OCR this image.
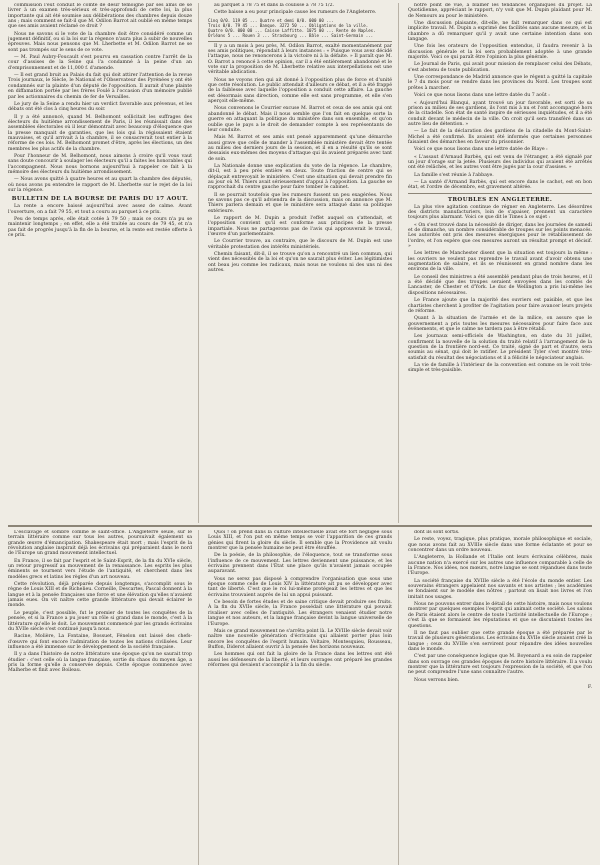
commission l'eut conduit le comte de desir temoigne par ses amis de se livrer à un examen très-sérieux et très-approfondi de cette loi, la plus importante qui ait été soumise aux délibérations des chambres depuis douze ans ; mais comment se fait-il que M. Odilon Barrot ait oublié en même temps que ses amis avaient réclamé ce droit ?

Nous ne savons si le vote de la chambre doit être considéré comme un jugement définitif, ou si la loi sur la régence n'aura plus à subir de nouvelles épreuves. Mais nous pensons que M. Lherbette et M. Odilon Barrot ne se sont pas trompés sur le sens de ce vote.

— M. Paul Aubry-Foucault s'est pourvu en cassation contre l'arrêt de la cour d'assises de la Seine qui l'a condamné à la peine d'un an d'emprisonnement et de 11,000 f. d'amende.

— Il est grand bruit au Palais du fait qui doit attirer l'attention de la revue Trois journaux, le Siècle, le National et l'Observateur des Pyrénées y ont été condamnés sur la plainte d'un député de l'opposition. Il aurait d'une plainte en diffamation portée par les frères Foulé à l'occasion d'un mémoire publié par les actionnaires du chemin de fer de Versailles.

Le jury de la Seine a rendu hier un verdict favorable aux prévenus, et les débats ont été clos à cinq heures du soir.

Il y a été annoncé, quand M. Belhomont sollicitait les suffrages des électeurs du huitième arrondissement de Paris, il les réunissait dans des assemblées électorales où il leur démontrait avec beaucoup d'éloquence que la presse manquait de garanties, que les lois qui la régissaient étaient mauvaises, et qu'il arrivait à la chambre, il se consacrerait tout entier à la réforme de ces lois. M. Belhomont promet d'être, après les élections, un des membres les plus actifs de la chambre.

Pour l'honneur de M. Belhomont, nous aimons à croire qu'il vous vaut sans doute concourir à soulager les électeurs qu'il a faites les honorables qui l'accompagnent. Nous nous bornons aujourd'hui à rappeler ce fait à la mémoire des électeurs du huitième arrondissement.

— Nous avons quitté à quatre heures et au quart la chambre des députés, où nous avons pu entendre le rapport de M. Lherbette sur le rejet de la loi sur la régence.

BULLETIN DE LA BOURSE DE PARIS DU 17 AOUT.

La rente a encore baissé aujourd'hui avec assez de calme. Avant l'ouverture, on a fait 79 55, et tout a couru au parquet à ce prix.

Peu de temps après, elle était cotée à 79 50 ; mais ce cours n'a pu se maintenir longtemps ; en effet, elle a été traitée au cours de 79 45, et n'a pas fait de progrès jusqu'à la fin de la bourse, et la rente est restée offerte à ce prix.

au parquet à 78 75 et dans la coulisse à 78 75 1/2.

Cette baisse a eu pour principale cause les rumeurs de l'Angleterre.

Cinq 0/0. 119 05 ... Quatre et demi 0/0. 000 00 ...
Trois 0/0. 79 45 ... Banque. 3272 50 ... Obligations de la ville.
Quatre 0/0. 000 00 ... Caisse Laffitte. 1075 00 ... Rente de Naples.
Orléans 5 ... Rouen 3 ... Strasbourg ... Bâle ... Saint-Germain ...

Il y a un mois à peu près, M. Odilon Barrot, exalté momentanément par ses amis politiques, répondait à leurs instances : « Puisque vous avez décidé l'attaque, nous ne renoncerons à la victoire ni à la défaite. » Il paraît que M. O. Barrot a renoncé à cette opinion, car il a été entièrement abandonné et le vote sur la proposition de M. Lherbette relative aux interpellations est une véritable abdication.

Nous ne voyons rien qui ait donné à l'opposition plus de force et d'unité que cette résolution. Le public attendait d'ailleurs ce débat, et il a été frappé de la faiblesse avec laquelle l'opposition a conduit cette affaire. La gauche est désormais sans direction, comme elle est sans programme, et elle s'en aperçoit elle-même.

Nous convenons le Courrier excuse M. Barrot et ceux de ses amis qui ont abandonné le débat. Mais il nous semble que l'on fait en quelque sorte la guerre en attaquant la politique du ministère dans son ensemble, et qu'on oublie que le pays a le droit de demander compte à ses représentants de leur conduite.

Mais M. Barrot et ses amis ont pensé apparemment qu'une démarche aussi grave que celle de mander à l'assemblée ministère devait être tentée au milieu des derniers jours de la session, et il en a résulté qu'ils se sont dessaisis eux-mêmes des moyens d'attaque qui ils avaient préparés avec tant de soin.

La Nationale donne une explication du vote de la régence. Le chambre, dit-il, est à peu près entière en deux. Toute fraction de centre qui se déplaçait entrevoyait le ministère. C'est une situation qui devait prendre fin au jour où M. Thiers avait sérieusement d'appui à l'opposition. La gauche se rapprochait du centre gauche pour faire tomber le cabinet.

Il se pourrait toutefois que les rumeurs fussent un peu exagérées. Nous ne savons pas ce qu'il adviendra de la discussion, mais on annonce que M. Thiers parlera demain et que le ministère sera attaqué dans sa politique extérieure.

Le rapport de M. Dupin a produit l'effet auquel on s'attendait, et l'opposition convient qu'il est conforme aux principes de la presse impartiale. Nous ne partagerons pas de l'avis qui approuverait le travail, l'œuvre d'un parlementaire.

Le Courrier trouve, au contraire, que le discours de M. Dupin est une véritable protestation des intérêts ministériels.

Chemin faisant, dit-il, il se trouve qu'on a rencontré un lien commun, qui vient des nécessités de la loi et qu'on ne saurait plus éviter. Les légitimistes ont beau jeu comme les radicaux, mais nous ne voulons ni des uns ni des autres.

notre point de vue, à blâmer les tendances organiques du projet. La Quotidienne, appréciant le rapport, n'y voit que M. Dupin plaidant pour M. de Nemours au pour le ministère.

Une discussion plaisante, dit-elle, ne fait remarquer dans ce qui est implicite travail. M. Dupin a exprimé des facilités sans aucune mesure, et la chambre a dû remarquer qu'il y avait une certaine intention dans son langage.

Une fois les orateurs de l'opposition entendus, il faudra revenir à la discussion générale et la loi sera probablement adoptée à une grande majorité. Voici ce qui paraît être l'opinion la plus générale.

Le Journal de Paris, qui avait pour mission de remplacer celui des Débats, s'est abstenu de toute publication.

Une correspondance de Madrid annonce que le régent a quitté la capitale le 7 du mois pour se rendre dans les provinces du Nord. Les troupes sont prêtes à marcher.

Voici ce que nous lisons dans une lettre datée du 7 août :

« Aujourd'hui Blanqui, ayant trouvé un jour favorable, est sorti de sa prison au milieu de ses gardiens, ils l'ont mis à nu et l'ont accompagné hors de la citadelle. Son état de santé inspire de sérieuses inquiétudes, et il a été conduit devant le médecin de la ville. On croit qu'il sera transféré dans un autre lieu de détention. »

— Le fait de la déclaration des gardiens de la citadelle du Mont-Saint-Michel a été confirmé. Ils avaient été informés que certaines personnes faisaient des démarches en faveur du prisonnier.

Voici ce que nous lisons dans une lettre datée de Blaye :

« L'assaut d'Arnaud Barbès, qui est venu de l'étranger, a été signalé par un jour d'orage sur la jetée. Plusieurs des individus qui avaient été arrêtés ont été relâchés, et les autres vont être jugés par la cour d'assises. »

La famille s'est réunie à l'abbaye.

— La santé d'Armand Barbès, qui est encore dans le cachot, est en bon état, et l'ordre de décembre, est gravement altérée.

TROUBLES EN ANGLETERRE.

La plus vive agitation continue de régner en Angleterre. Les désordres des districts manufacturiers, loin de s'apaiser, prennent un caractère toujours plus alarmant. Voici ce que dit le Times à ce sujet :

« On s'est trouvé dans la nécessité de diriger, dans les journées de samedi et de dimanche, un nombre considérable de troupes sur les points menacés. Les autorités ont pris des mesures énergiques pour le rétablissement de l'ordre, et l'on espère que ces mesures auront un résultat prompt et décisif. »

Les lettres de Manchester disent que la situation est toujours la même : les ouvriers ne veulent pas reprendre le travail avant d'avoir obtenu une augmentation de salaire, et ils se réunissent en grand nombre dans les environs de la ville.

Le conseil des ministres a été assemblé pendant plus de trois heures, et il a été décidé que des troupes seraient envoyées dans les comtés de Lancaster, de Chester et d'York. Le duc de Wellington a pris lui-même les dispositions nécessaires.

Le France ajoute que la majorité des ouvriers est paisible, et que les chartistes cherchent à profiter de l'agitation pour faire avancer leurs projets de réforme.

Quant à la situation de l'armée et de la milice, on assure que le gouvernement a pris toutes les mesures nécessaires pour faire face aux événements, et que le calme ne tardera pas à être rétabli.

Les journaux semi-officiels de Washington, en date du 31 juillet, confirment la nouvelle de la solution du traité relatif à l'arrangement de la question de la frontière nord-est. Ce traité, signé de part et d'autre, sera soumis au sénat, qui doit le ratifier. Le président Tyler s'est montré très-satisfait du résultat des négociations et il a félicité le négociateur anglais.

La vie de famille à l'intérieur de la convention est comme on le voit très-simple et très-paisible.

L'esclavage et sombre comme le saint-office. L'Angleterre seule, sur le terrain littéraire comme sur tous les autres, poursuivait également sa grande œuvre d'émancipation. Shakespeare était mort ; mais l'esprit de la révolution anglaise inspirait déjà les écrivains qui préparaient dans le nord de l'Europe un grand mouvement intellectuel.

En France, il se fait par l'esprit et le Saint-Esprit, de la fin du XVIe siècle, un retour progressif au mouvement de la renaissance. Les esprits les plus éminents se tournent vers l'étude de l'antiquité, et cherchent dans les modèles grecs et latins les règles d'un art nouveau.

Cette révolution, déjà préparée depuis longtemps, s'accomplit sous le règne de Louis XIII et de Richelieu. Corneille, Descartes, Pascal donnent à la langue et à la pensée françaises une force et une élévation qu'elles n'avaient jamais eues. On vit naître cette grande littérature qui devait éclairer le monde.

Le peuple, c'est possible, fut le premier de toutes les conquêtes de la pensée, et si la France a pu jouer un rôle si grand dans le monde, c'est à la littérature qu'elle le doit. Le mouvement commencé par les grands écrivains du XVIIe siècle s'est continué jusqu'à nous.

Racine, Molière, La Fontaine, Bossuet, Fénelon ont laissé des chefs-d'œuvre qui font encore l'admiration de toutes les nations civilisées. Leur influence a été immense sur le développement de la société française.

Il y a dans l'histoire de notre littérature une époque qu'on ne saurait trop étudier : c'est celle où la langue française, sortie du chaos du moyen âge, a pris la forme qu'elle a conservée depuis. Cette époque commence avec Malherbe et finit avec Boileau.

Quoi ! on prend dans la culture intellectuelle avait été fort négligée sous Louis XIII, et l'on put en même temps se voir l'apparition de ces grands génies qui firent la gloire du siècle. Il semble que la Providence ait voulu montrer que la pensée humaine ne peut être étouffée.

De la poésie, de la philosophie, de l'éloquence, tout se transforme sous l'influence de ce mouvement. Les lettres deviennent une puissance, et les écrivains prennent dans l'État une place qu'ils n'avaient jamais occupée auparavant.

Vous ne serez pas disposé à comprendre l'organisation que sous une époque comme celle de Louis XIV la littérature ait pu se développer avec tant de liberté. C'est que le roi lui-même protégeait les lettres et que les écrivains trouvaient auprès de lui un appui puissant.

Ce besoin de fortes études et de saine critique devait produire ses fruits. À la fin du XVIIe siècle, la France possédait une littérature qui pouvait rivaliser avec celles de l'antiquité. Les étrangers venaient étudier notre langue et nos auteurs, et la langue française devint la langue universelle de l'Europe.

Mais ce grand mouvement ne s'arrêta point là. Le XVIIIe siècle devait voir naître une nouvelle génération d'écrivains qui allaient porter plus loin encore les conquêtes de l'esprit humain. Voltaire, Montesquieu, Rousseau, Buffon, Diderot allaient ouvrir à la pensée des horizons nouveaux.

Les hommes qui ont fait la gloire de la France dans les lettres ont été aussi les défenseurs de la liberté, et leurs ouvrages ont préparé les grandes réformes qui devaient s'accomplir à la fin du siècle.

dont ils sont sortis.

Le reste, voyez, tragique, plus pratique, morale philosophique et sociale, que nous avons fait au XVIIIe siècle dans une forme éclatante et pour se concentrer dans un ordre nouveau.

L'Angleterre, la Hollande et l'Italie ont leurs écrivains célèbres, mais aucune nation n'a exercé sur les autres une influence comparable à celle de la France. Nos idées, nos mœurs, notre langue se sont répandues dans toute l'Europe.

La société française du XVIIIe siècle a été l'école du monde entier. Les souverains étrangers appelaient nos savants et nos artistes ; les académies se fondaient sur le modèle des nôtres ; partout on lisait nos livres et l'on imitait nos usages.

Nous ne pouvons entrer dans le détail de cette histoire, mais nous voulons montrer par quelques exemples l'esprit qui animait cette société. Les salons de Paris étaient alors le centre de toute l'activité intellectuelle de l'Europe ; c'est là que se formaient les réputations et que se discutaient toutes les questions.

Il ne faut pas oublier que cette grande époque a été préparée par le travail de plusieurs générations. Les écrivains du XVIIe siècle avaient créé la langue ; ceux du XVIIIe s'en servirent pour répandre des idées nouvelles dans le monde.

C'est par une conséquence logique que M. Boyenard a eu soin de rappeler dans son ouvrage ces grandes époques de notre histoire littéraire. Il a voulu montrer que la littérature est toujours l'expression de la société, et que l'on ne peut comprendre l'une sans connaître l'autre.

Nous verrons bien.

F.
